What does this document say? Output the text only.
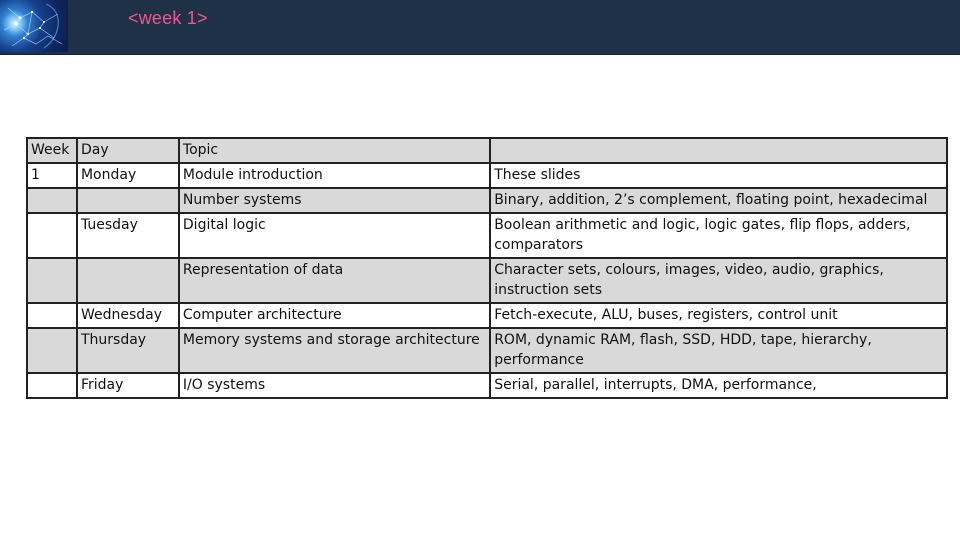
<week 1>
Week	Day	Topic	
1	Monday	Module introduction	These slides
		Number systems	Binary, addition, 2’s complement, floating point, hexadecimal
	Tuesday	Digital logic	Boolean arithmetic and logic, logic gates, flip flops, adders, comparators
		Representation of data	Character sets, colours, images, video, audio, graphics, instruction sets
	Wednesday	Computer architecture	Fetch-execute, ALU, buses, registers, control unit
	Thursday	Memory systems and storage architecture	ROM, dynamic RAM, flash, SSD, HDD, tape, hierarchy, performance
	Friday	I/O systems	Serial, parallel, interrupts, DMA, performance,
